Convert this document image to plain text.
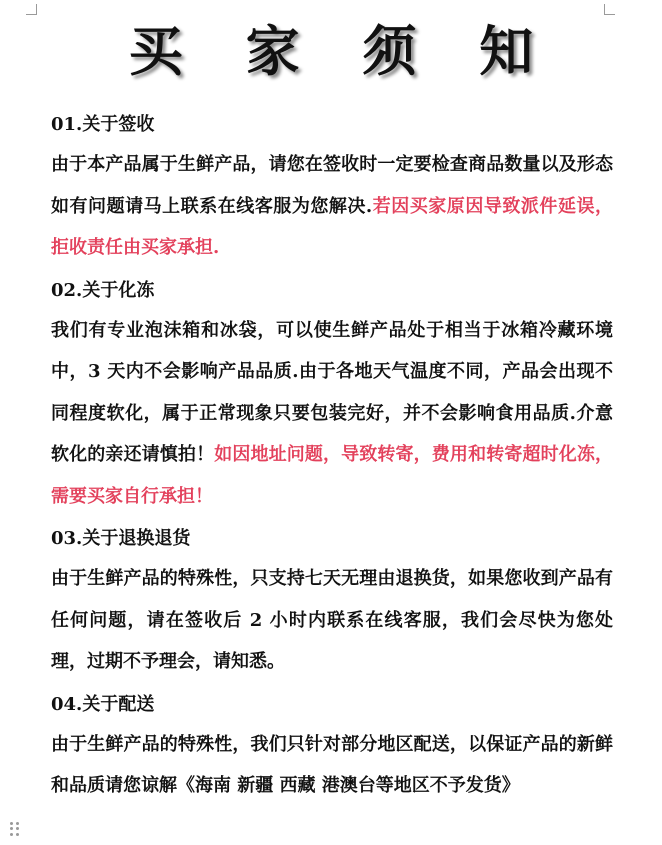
买 家 须 知
01.关于签收
由于本产品属于生鲜产品，请您在签收时一定要检查商品数量以及形态如有问题请马上联系在线客服为您解决.若因买家原因导致派件延误，拒收责任由买家承担.
02.关于化冻
我们有专业泡沫箱和冰袋，可以使生鲜产品处于相当于冰箱冷藏环境中，3 天内不会影响产品品质.由于各地天气温度不同，产品会出现不同程度软化，属于正常现象只要包装完好，并不会影响食用品质.介意软化的亲还请慎拍！如因地址问题，导致转寄，费用和转寄超时化冻，需要买家自行承担！
03.关于退换退货
由于生鲜产品的特殊性，只支持七天无理由退换货，如果您收到产品有任何问题，请在签收后 2 小时内联系在线客服，我们会尽快为您处理，过期不予理会，请知悉。
04.关于配送
由于生鲜产品的特殊性，我们只针对部分地区配送，以保证产品的新鲜和品质请您谅解《海南 新疆 西藏 港澳台等地区不予发货》
